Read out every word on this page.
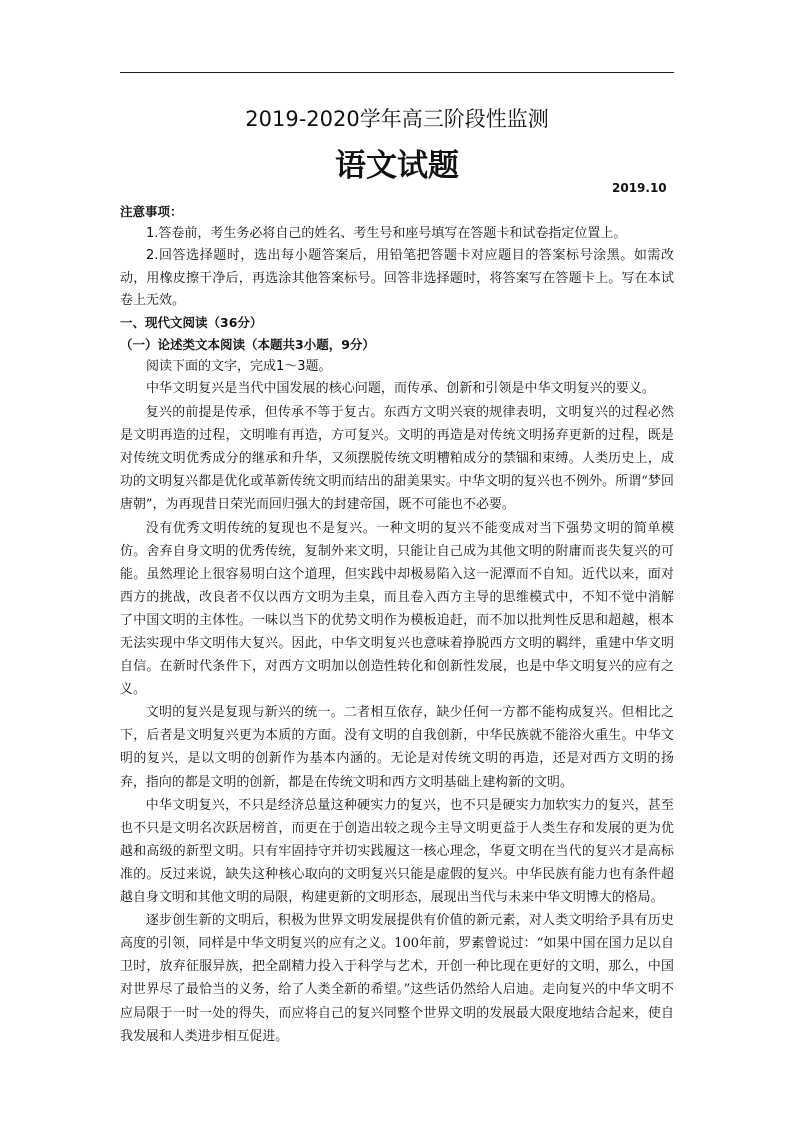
2019-2020学年高三阶段性监测
语文试题
2019.10

注意事项：

1.答卷前，考生务必将自己的姓名、考生号和座号填写在答题卡和试卷指定位置上。

2.回答选择题时，选出每小题答案后，用铅笔把答题卡对应题目的答案标号涂黑。如需改动，用橡皮擦干净后，再选涂其他答案标号。回答非选择题时，将答案写在答题卡上。写在本试卷上无效。

一、现代文阅读（36分）

（一）论述类文本阅读（本题共3小题，9分）

阅读下面的文字，完成1～3题。

中华文明复兴是当代中国发展的核心问题，而传承、创新和引领是中华文明复兴的要义。

复兴的前提是传承，但传承不等于复古。东西方文明兴衰的规律表明，文明复兴的过程必然是文明再造的过程，文明唯有再造，方可复兴。文明的再造是对传统文明扬弃更新的过程，既是对传统文明优秀成分的继承和升华，又须摆脱传统文明糟粕成分的禁锢和束缚。人类历史上，成功的文明复兴都是优化或革新传统文明而结出的甜美果实。中华文明的复兴也不例外。所谓“梦回唐朝”，为再现昔日荣光而回归强大的封建帝国，既不可能也不必要。

没有优秀文明传统的复现也不是复兴。一种文明的复兴不能变成对当下强势文明的简单模仿。舍弃自身文明的优秀传统，复制外来文明，只能让自己成为其他文明的附庸而丧失复兴的可能。虽然理论上很容易明白这个道理，但实践中却极易陷入这一泥潭而不自知。近代以来，面对西方的挑战，改良者不仅以西方文明为圭臬，而且卷入西方主导的思维模式中，不知不觉中消解了中国文明的主体性。一味以当下的优势文明作为模板追赶，而不加以批判性反思和超越，根本无法实现中华文明伟大复兴。因此，中华文明复兴也意味着挣脱西方文明的羁绊，重建中华文明自信。在新时代条件下，对西方文明加以创造性转化和创新性发展，也是中华文明复兴的应有之义。

文明的复兴是复现与新兴的统一。二者相互依存，缺少任何一方都不能构成复兴。但相比之下，后者是文明复兴更为本质的方面。没有文明的自我创新，中华民族就不能浴火重生。中华文明的复兴，是以文明的创新作为基本内涵的。无论是对传统文明的再造，还是对西方文明的扬弃，指向的都是文明的创新，都是在传统文明和西方文明基础上建构新的文明。

中华文明复兴，不只是经济总量这种硬实力的复兴，也不只是硬实力加软实力的复兴，甚至也不只是文明名次跃居榜首，而更在于创造出较之现今主导文明更益于人类生存和发展的更为优越和高级的新型文明。只有牢固持守并切实践履这一核心理念，华夏文明在当代的复兴才是高标准的。反过来说，缺失这种核心取向的文明复兴只能是虚假的复兴。中华民族有能力也有条件超越自身文明和其他文明的局限，构建更新的文明形态，展现出当代与未来中华文明博大的格局。

逐步创生新的文明后，积极为世界文明发展提供有价值的新元素，对人类文明给予具有历史高度的引领，同样是中华文明复兴的应有之义。100年前，罗素曾说过：“如果中国在国力足以自卫时，放弃征服异族，把全副精力投入于科学与艺术，开创一种比现在更好的文明，那么，中国对世界尽了最恰当的义务，给了人类全新的希望。”这些话仍然给人启迪。走向复兴的中华文明不应局限于一时一处的得失，而应将自己的复兴同整个世界文明的发展最大限度地结合起来，使自我发展和人类进步相互促进。
